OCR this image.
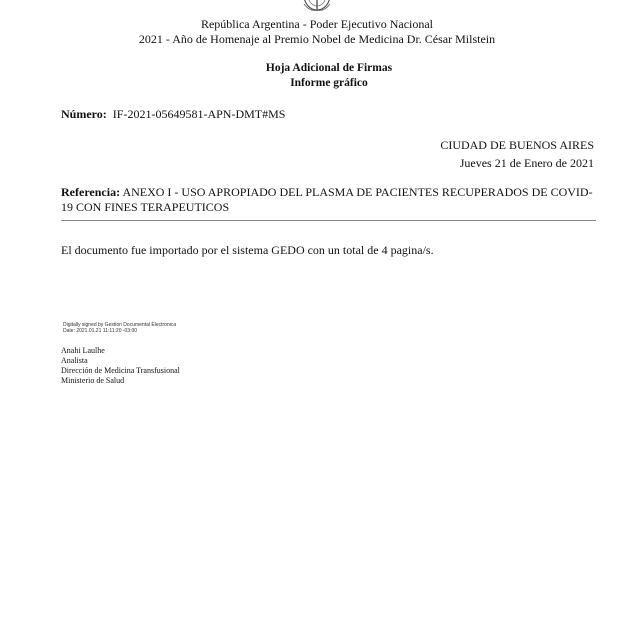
República Argentina - Poder Ejecutivo Nacional
2021 - Año de Homenaje al Premio Nobel de Medicina Dr. César Milstein
Hoja Adicional de Firmas
Informe gráfico
Número: IF-2021-05649581-APN-DMT#MS
CIUDAD DE BUENOS AIRES
Jueves 21 de Enero de 2021
Referencia: ANEXO I - USO APROPIADO DEL PLASMA DE PACIENTES RECUPERADOS DE COVID-19 CON FINES TERAPEUTICOS
El documento fue importado por el sistema GEDO con un total de 4 pagina/s.
Digitally signed by Gestion Documental Electronica
Date: 2021.01.21 11:11:20 -03:00
Anahi Laulhe
Analista
Dirección de Medicina Transfusional
Ministerio de Salud
